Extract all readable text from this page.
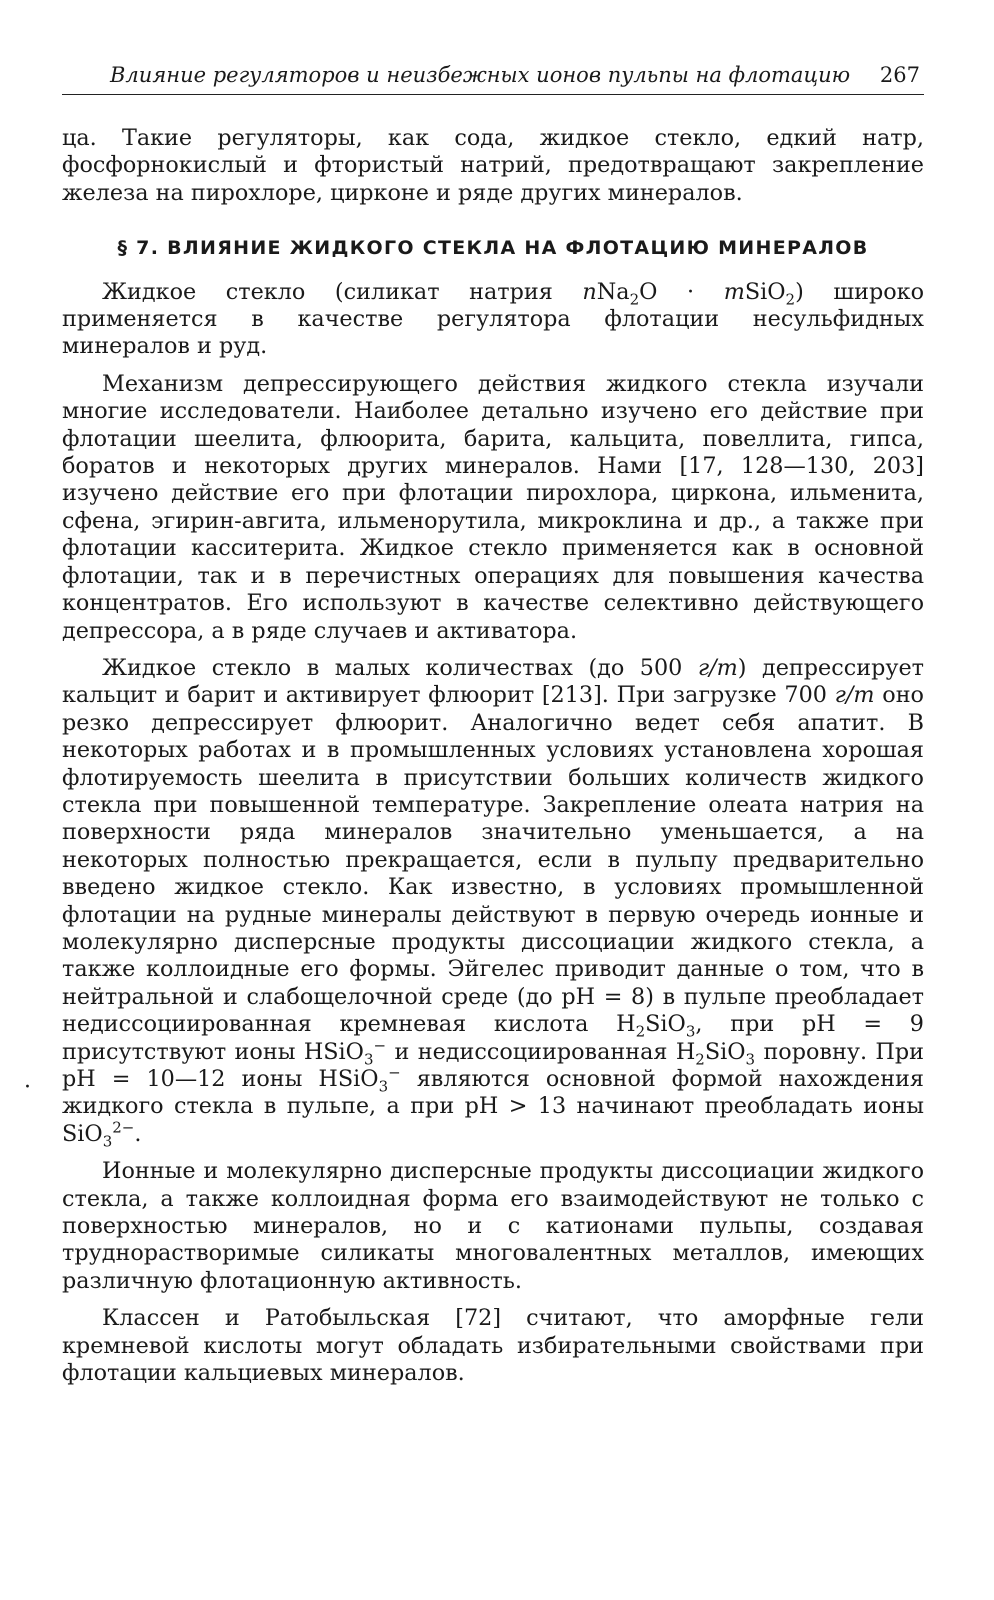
·
Влияние регуляторов и неизбежных ионов пульпы на флотацию 267

ца. Такие регуляторы, как сода, жидкое стекло, едкий натр, фосфорнокислый и фтористый натрий, предотвращают закрепление железа на пирохлоре, цирконе и ряде других минералов.

§ 7. ВЛИЯНИЕ ЖИДКОГО СТЕКЛА НА ФЛОТАЦИЮ МИНЕРАЛОВ

Жидкое стекло (силикат натрия nNa$_2$O · mSiO$_2$) широко применяется в качестве регулятора флотации несульфидных минералов и руд.

Механизм депрессирующего действия жидкого стекла изучали многие исследователи. Наиболее детально изучено его действие при флотации шеелита, флюорита, барита, кальцита, повеллита, гипса, боратов и некоторых других минералов. Нами [17, 128—130, 203] изучено действие его при флотации пирохлора, циркона, ильменита, сфена, эгирин-авгита, ильменорутила, микроклина и др., а также при флотации касситерита. Жидкое стекло применяется как в основной флотации, так и в перечистных операциях для повышения качества концентратов. Его используют в качестве селективно действующего депрессора, а в ряде случаев и активатора.

Жидкое стекло в малых количествах (до 500 г/т) депрессирует кальцит и барит и активирует флюорит [213]. При загрузке 700 г/т оно резко депрессирует флюорит. Аналогично ведет себя апатит. В некоторых работах и в промышленных условиях установлена хорошая флотируемость шеелита в присутствии больших количеств жидкого стекла при повышенной температуре. Закрепление олеата натрия на поверхности ряда минералов значительно уменьшается, а на некоторых полностью прекращается, если в пульпу предварительно введено жидкое стекло. Как известно, в условиях промышленной флотации на рудные минералы действуют в первую очередь ионные и молекулярно дисперсные продукты диссоциации жидкого стекла, а также коллоидные его формы. Эйгелес приводит данные о том, что в нейтральной и слабощелочной среде (до pH = 8) в пульпе преобладает недиссоциированная кремневая кислота $H_2SiO_3$, при pH = 9 присутствуют ионы HSiO$_3$− и недиссоциированная $H_2SiO_3$ поровну. При pH = 10—12 ионы HSiO$_3$− являются основной формой нахождения жидкого стекла в пульпе, а при pH > 13 начинают преобладать ионы SiO$_3^{2-}$.

Ионные и молекулярно дисперсные продукты диссоциации жидкого стекла, а также коллоидная форма его взаимодействуют не только с поверхностью минералов, но и с катионами пульпы, создавая труднорастворимые силикаты многовалентных металлов, имеющих различную флотационную активность.

Классен и Ратобыльская [72] считают, что аморфные гели кремневой кислоты могут обладать избирательными свойствами при флотации кальциевых минералов.
